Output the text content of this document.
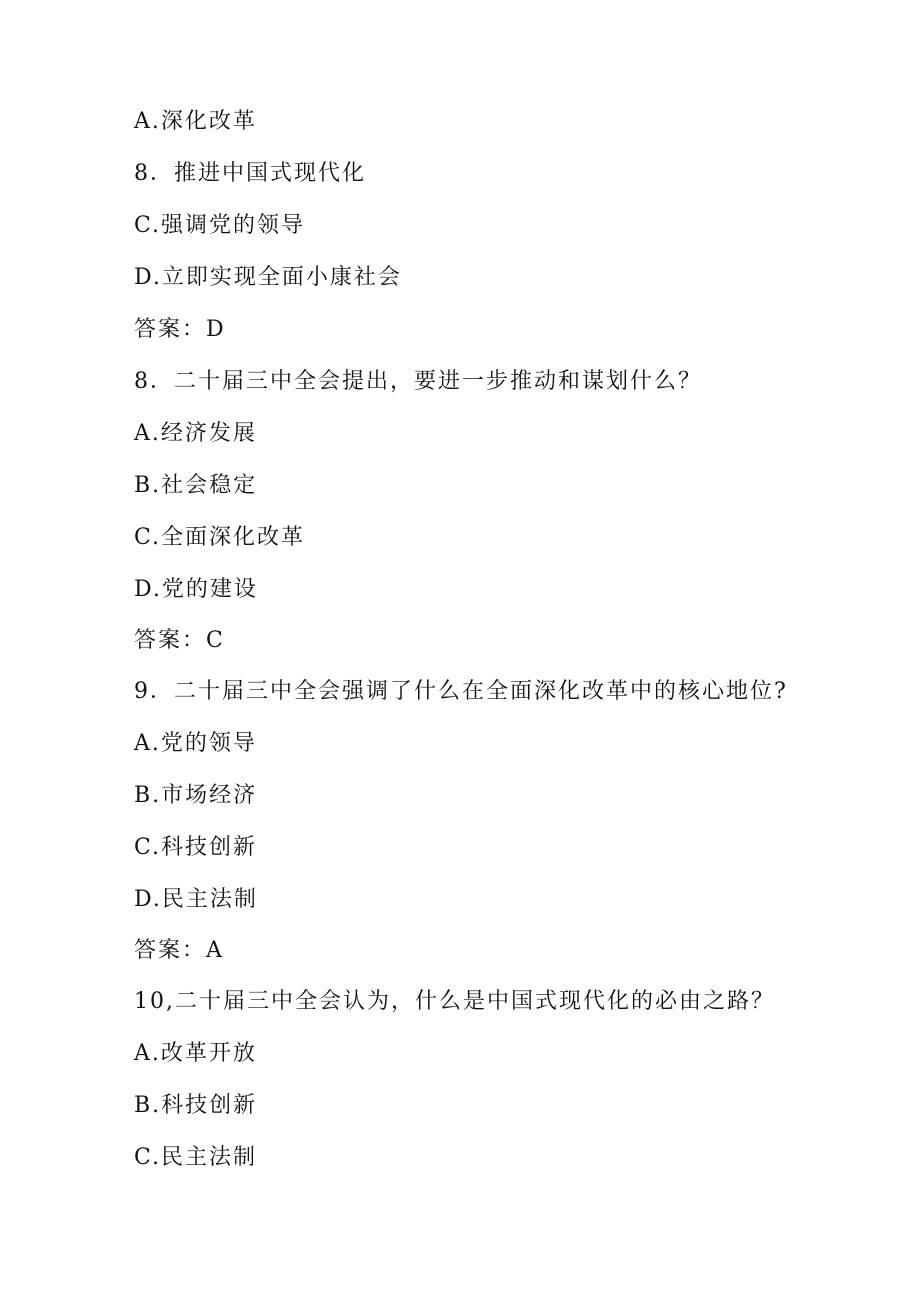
A.深化改革
8．推进中国式现代化
C.强调党的领导
D.立即实现全面小康社会
答案：D
8．二十届三中全会提出，要进一步推动和谋划什么？
A.经济发展
B.社会稳定
C.全面深化改革
D.党的建设
答案：C
9．二十届三中全会强调了什么在全面深化改革中的核心地位?
A.党的领导
B.市场经济
C.科技创新
D.民主法制
答案：A
10,二十届三中全会认为，什么是中国式现代化的必由之路？
A.改革开放
B.科技创新
C.民主法制
